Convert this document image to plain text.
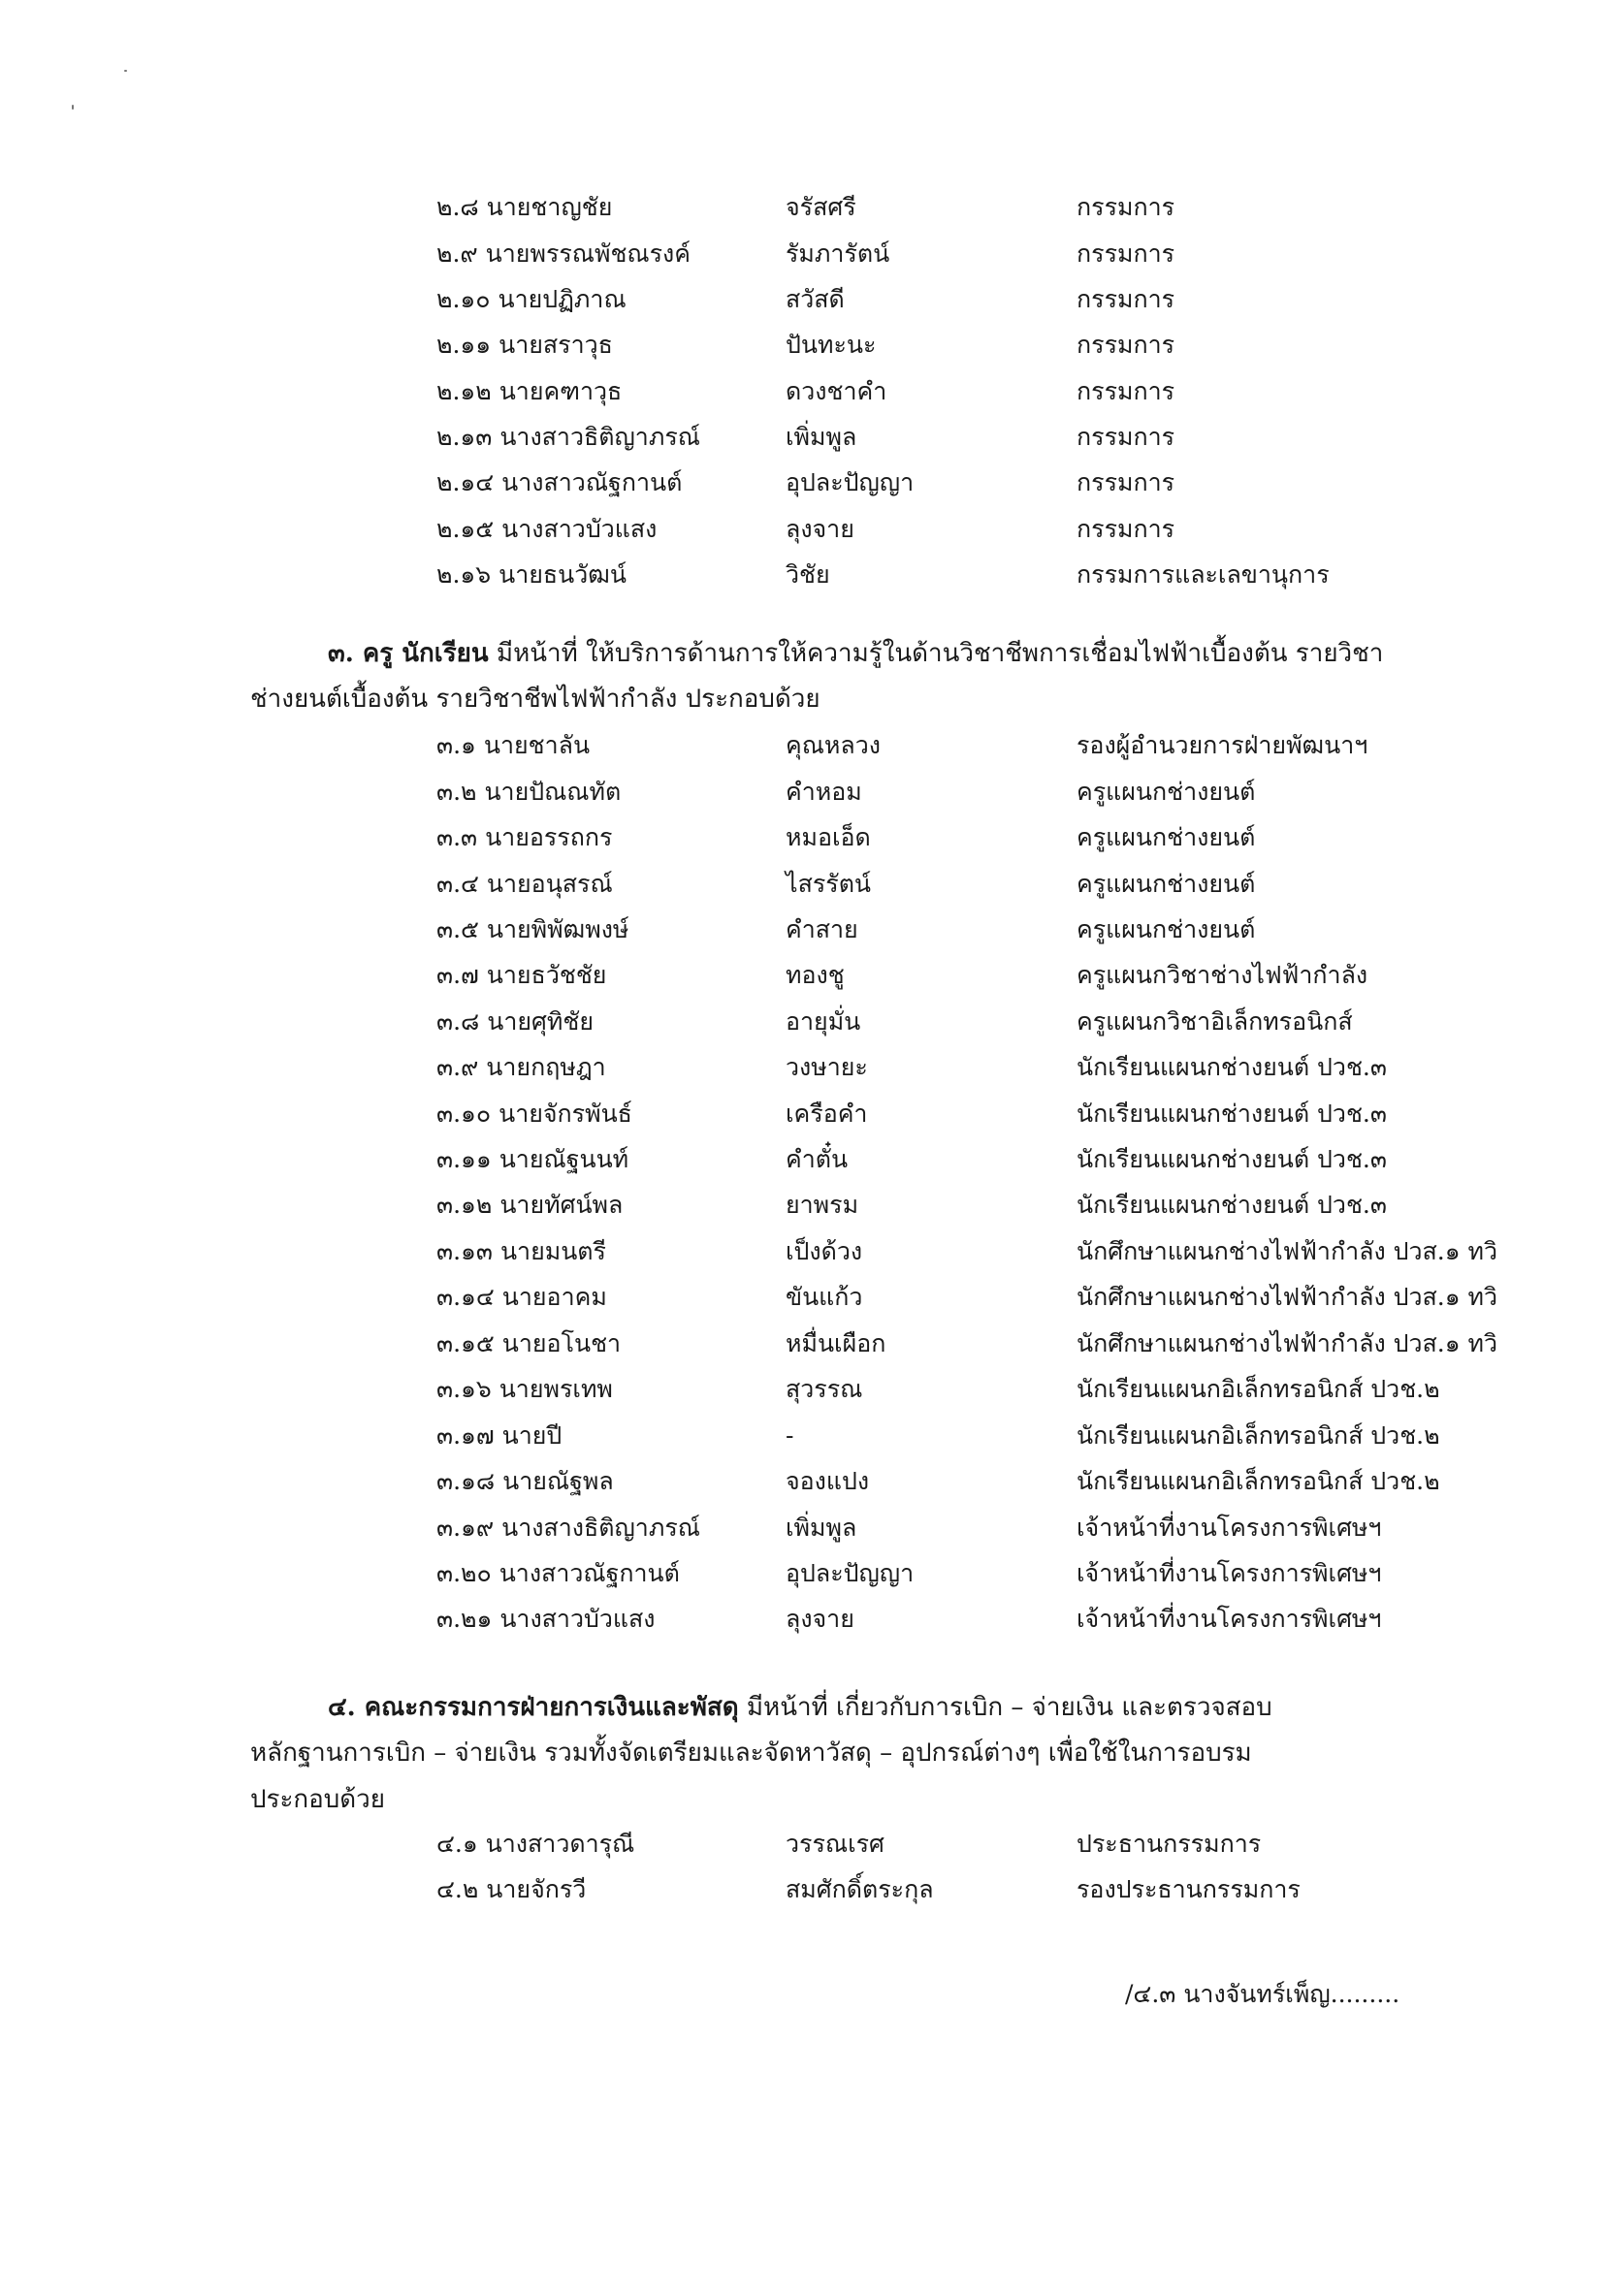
๒.๘ นายชาญชัย	จรัสศรี	กรรมการ
๒.๙ นายพรรณพัชณรงค์	รัมภารัตน์	กรรมการ
๒.๑๐ นายปฏิภาณ	สวัสดี	กรรมการ
๒.๑๑ นายสราวุธ	ปันทะนะ	กรรมการ
๒.๑๒ นายคฑาวุธ	ดวงชาคำ	กรรมการ
๒.๑๓ นางสาวธิติญาภรณ์	เพิ่มพูล	กรรมการ
๒.๑๔ นางสาวณัฐกานต์	อุปละปัญญา	กรรมการ
๒.๑๕ นางสาวบัวแสง	ลุงจาย	กรรมการ
๒.๑๖ นายธนวัฒน์	วิชัย	กรรมการและเลขานุการ
๓. ครู นักเรียน มีหน้าที่ ให้บริการด้านการให้ความรู้ในด้านวิชาชีพการเชื่อมไฟฟ้าเบื้องต้น รายวิชา
ช่างยนต์เบื้องต้น รายวิชาชีพไฟฟ้ากำลัง ประกอบด้วย
๓.๑ นายชาลัน	คุณหลวง	รองผู้อำนวยการฝ่ายพัฒนาฯ
๓.๒ นายปัณณทัต	คำหอม	ครูแผนกช่างยนต์
๓.๓ นายอรรถกร	หมอเอ็ด	ครูแผนกช่างยนต์
๓.๔ นายอนุสรณ์	ไสรรัตน์	ครูแผนกช่างยนต์
๓.๕ นายพิพัฒพงษ์	คำสาย	ครูแผนกช่างยนต์
๓.๗ นายธวัชชัย	ทองชู	ครูแผนกวิชาช่างไฟฟ้ากำลัง
๓.๘ นายศุทิชัย	อายุมั่น	ครูแผนกวิชาอิเล็กทรอนิกส์
๓.๙ นายกฤษฎา	วงษายะ	นักเรียนแผนกช่างยนต์ ปวช.๓
๓.๑๐ นายจักรพันธ์	เครือคำ	นักเรียนแผนกช่างยนต์ ปวช.๓
๓.๑๑ นายณัฐนนท์	คำตั๋น	นักเรียนแผนกช่างยนต์ ปวช.๓
๓.๑๒ นายทัศน์พล	ยาพรม	นักเรียนแผนกช่างยนต์ ปวช.๓
๓.๑๓ นายมนตรี	เป็งด้วง	นักศึกษาแผนกช่างไฟฟ้ากำลัง ปวส.๑ ทวิ
๓.๑๔ นายอาคม	ขันแก้ว	นักศึกษาแผนกช่างไฟฟ้ากำลัง ปวส.๑ ทวิ
๓.๑๕ นายอโนชา	หมื่นเผือก	นักศึกษาแผนกช่างไฟฟ้ากำลัง ปวส.๑ ทวิ
๓.๑๖ นายพรเทพ	สุวรรณ	นักเรียนแผนกอิเล็กทรอนิกส์ ปวช.๒
๓.๑๗ นายปี	-	นักเรียนแผนกอิเล็กทรอนิกส์ ปวช.๒
๓.๑๘ นายณัฐพล	จองแปง	นักเรียนแผนกอิเล็กทรอนิกส์ ปวช.๒
๓.๑๙ นางสางธิติญาภรณ์	เพิ่มพูล	เจ้าหน้าที่งานโครงการพิเศษฯ
๓.๒๐ นางสาวณัฐกานต์	อุปละปัญญา	เจ้าหน้าที่งานโครงการพิเศษฯ
๓.๒๑ นางสาวบัวแสง	ลุงจาย	เจ้าหน้าที่งานโครงการพิเศษฯ
๔. คณะกรรมการฝ่ายการเงินและพัสดุ มีหน้าที่ เกี่ยวกับการเบิก – จ่ายเงิน และตรวจสอบ
หลักฐานการเบิก – จ่ายเงิน รวมทั้งจัดเตรียมและจัดหาวัสดุ – อุปกรณ์ต่างๆ เพื่อใช้ในการอบรม
ประกอบด้วย
๔.๑ นางสาวดารุณี	วรรณเรศ	ประธานกรรมการ
๔.๒ นายจักรวี	สมศักดิ์ตระกุล	รองประธานกรรมการ
/๔.๓ นางจันทร์เพ็ญ.........
